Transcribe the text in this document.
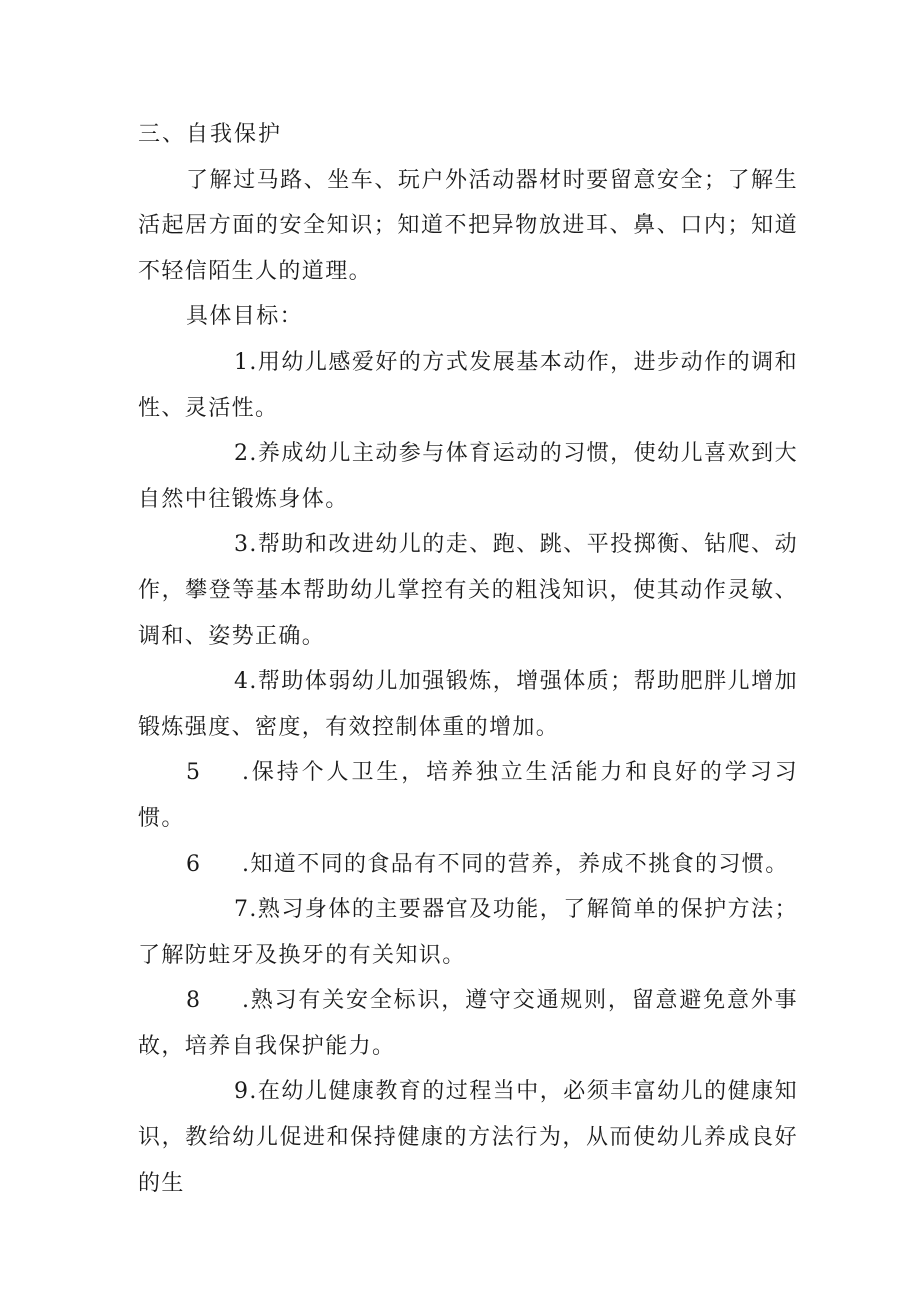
三、自我保护

了解过马路、坐车、玩户外活动器材时要留意安全；了解生活起居方面的安全知识；知道不把异物放进耳、鼻、口内；知道不轻信陌生人的道理。

具体目标：

1.用幼儿感爱好的方式发展基本动作，进步动作的调和性、灵活性。

2.养成幼儿主动参与体育运动的习惯，使幼儿喜欢到大自然中往锻炼身体。

3.帮助和改进幼儿的走、跑、跳、平投掷衡、钻爬、动作，攀登等基本帮助幼儿掌控有关的粗浅知识，使其动作灵敏、调和、姿势正确。

4.帮助体弱幼儿加强锻炼，增强体质；帮助肥胖儿增加锻炼强度、密度，有效控制体重的增加。

5 .保持个人卫生，培养独立生活能力和良好的学习习惯。

6 .知道不同的食品有不同的营养，养成不挑食的习惯。

7.熟习身体的主要器官及功能，了解简单的保护方法；了解防蛀牙及换牙的有关知识。

8 .熟习有关安全标识，遵守交通规则，留意避免意外事故，培养自我保护能力。

9.在幼儿健康教育的过程当中，必须丰富幼儿的健康知识，教给幼儿促进和保持健康的方法行为，从而使幼儿养成良好的生
